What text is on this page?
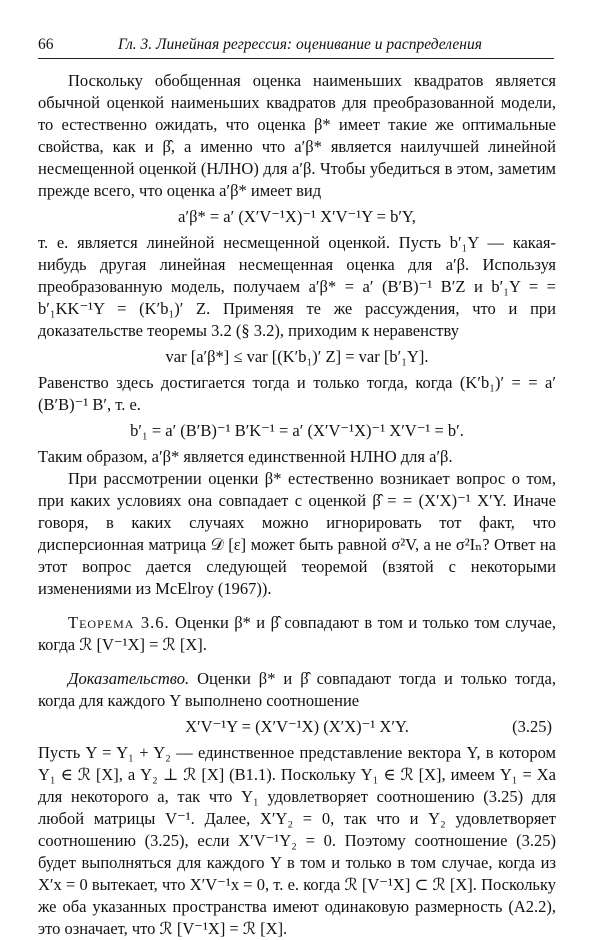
66	Гл. 3. Линейная регрессия: оценивание и распределения

Поскольку обобщенная оценка наименьших квадратов является обычной оценкой наименьших квадратов для преобразованной модели, то естественно ожидать, что оценка β* имеет такие же оптимальные свойства, как и β̂, а именно что a′β* является наилучшей линейной несмещенной оценкой (НЛНО) для a′β. Чтобы убедиться в этом, заметим прежде всего, что оценка a′β* имеет вид

a′β* = a′ (X′V⁻¹X)⁻¹ X′V⁻¹Y = b′Y,

т. е. является линейной несмещенной оценкой. Пусть b′₁Y — какая-нибудь другая линейная несмещенная оценка для a′β. Используя преобразованную модель, получаем a′β* = a′ (B′B)⁻¹ B′Z и b′₁Y = = b′₁KK⁻¹Y = (K′b₁)′ Z. Применяя те же рассуждения, что и при доказательстве теоремы 3.2 (§ 3.2), приходим к неравенству

var [a′β*] ≤ var [(K′b₁)′ Z] = var [b′₁Y].

Равенство здесь достигается тогда и только тогда, когда (K′b₁)′ = = a′ (B′B)⁻¹ B′, т. е.

b′₁ = a′ (B′B)⁻¹ B′K⁻¹ = a′ (X′V⁻¹X)⁻¹ X′V⁻¹ = b′.

Таким образом, a′β* является единственной НЛНО для a′β.

При рассмотрении оценки β* естественно возникает вопрос о том, при каких условиях она совпадает с оценкой β̂ = = (X′X)⁻¹ X′Y. Иначе говоря, в каких случаях можно игнорировать тот факт, что дисперсионная матрица 𝒟 [ε] может быть равной σ²V, а не σ²Iₙ? Ответ на этот вопрос дается следующей теоремой (взятой с некоторыми изменениями из McElroy (1967)).

Теорема 3.6. Оценки β* и β̂ совпадают в том и только том случае, когда ℛ [V⁻¹X] = ℛ [X].

Доказательство. Оценки β* и β̂ совпадают тогда и только тогда, когда для каждого Y выполнено соотношение

X′V⁻¹Y = (X′V⁻¹X) (X′X)⁻¹ X′Y.	(3.25)

Пусть Y = Y₁ + Y₂ — единственное представление вектора Y, в котором Y₁ ∈ ℛ [X], а Y₂ ⊥ ℛ [X] (B1.1). Поскольку Y₁ ∈ ℛ [X], имеем Y₁ = Xa для некоторого a, так что Y₁ удовлетворяет соотношению (3.25) для любой матрицы V⁻¹. Далее, X′Y₂ = 0, так что и Y₂ удовлетворяет соотношению (3.25), если X′V⁻¹Y₂ = 0. Поэтому соотношение (3.25) будет выполняться для каждого Y в том и только в том случае, когда из X′x = 0 вытекает, что X′V⁻¹x = 0, т. е. когда ℛ [V⁻¹X] ⊂ ℛ [X]. Поскольку же оба указанных пространства имеют одинаковую размерность (A2.2), это означает, что ℛ [V⁻¹X] = ℛ [X].
